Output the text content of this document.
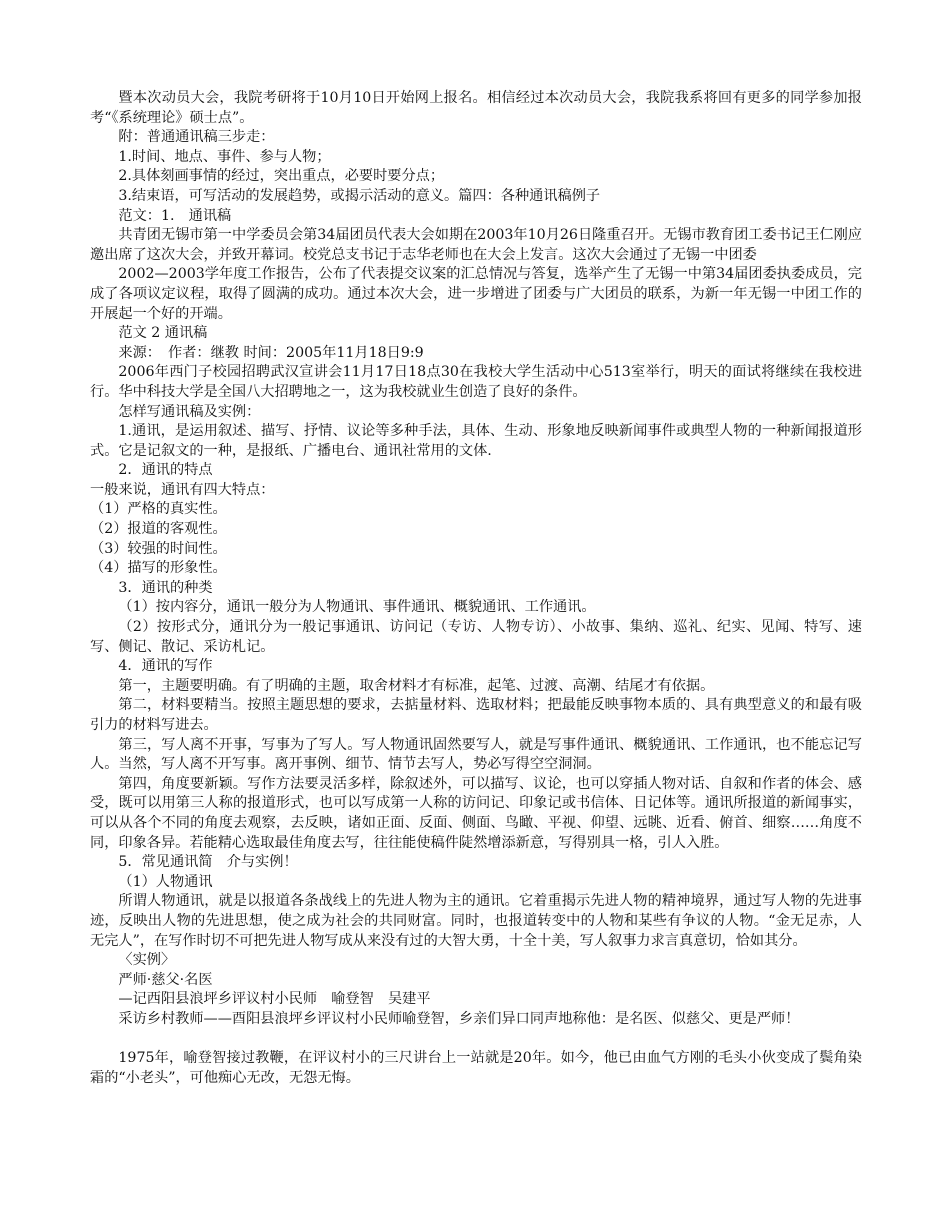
暨本次动员大会，我院考研将于10月10日开始网上报名。相信经过本次动员大会，我院我系将回有更多的同学参加报考“《系统理论》硕士点”。

附：普通通讯稿三步走：

1.时间、地点、事件、参与人物；

2.具体刻画事情的经过，突出重点，必要时要分点；

3.结束语，可写活动的发展趋势，或揭示活动的意义。篇四：各种通讯稿例子

范文：1.　通讯稿

共青团无锡市第一中学委员会第34届团员代表大会如期在2003年10月26日隆重召开。无锡市教育团工委书记王仁刚应邀出席了这次大会，并致开幕词。校党总支书记于志华老师也在大会上发言。这次大会通过了无锡一中团委

2002—2003学年度工作报告，公布了代表提交议案的汇总情况与答复，选举产生了无锡一中第34届团委执委成员，完成了各项议定议程，取得了圆满的成功。通过本次大会，进一步增进了团委与广大团员的联系，为新一年无锡一中团工作的开展起一个好的开端。

范文 2 通讯稿

来源：　作者：继教 时间：2005年11月18日9:9

2006年西门子校园招聘武汉宣讲会11月17日18点30在我校大学生活动中心513室举行，明天的面试将继续在我校进行。华中科技大学是全国八大招聘地之一，这为我校就业生创造了良好的条件。

怎样写通讯稿及实例：

1.通讯，是运用叙述、描写、抒情、议论等多种手法，具体、生动、形象地反映新闻事件或典型人物的一种新闻报道形式。它是记叙文的一种，是报纸、广播电台、通讯社常用的文体.

2．通讯的特点

一般来说，通讯有四大特点：

（1）严格的真实性。

（2）报道的客观性。

（3）较强的时间性。

（4）描写的形象性。

3．通讯的种类

（1）按内容分，通讯一般分为人物通讯、事件通讯、概貌通讯、工作通讯。

（2）按形式分，通讯分为一般记事通讯、访问记（专访、人物专访）、小故事、集纳、巡礼、纪实、见闻、特写、速写、侧记、散记、采访札记。

4．通讯的写作

第一，主题要明确。有了明确的主题，取舍材料才有标准，起笔、过渡、高潮、结尾才有依据。

第二，材料要精当。按照主题思想的要求，去掂量材料、选取材料；把最能反映事物本质的、具有典型意义的和最有吸引力的材料写进去。

第三，写人离不开事，写事为了写人。写人物通讯固然要写人，就是写事件通讯、概貌通讯、工作通讯，也不能忘记写人。当然，写人离不开写事。离开事例、细节、情节去写人，势必写得空空洞洞。

第四，角度要新颖。写作方法要灵活多样，除叙述外，可以描写、议论，也可以穿插人物对话、自叙和作者的体会、感受，既可以用第三人称的报道形式，也可以写成第一人称的访问记、印象记或书信体、日记体等。通讯所报道的新闻事实，可以从各个不同的角度去观察，去反映，诸如正面、反面、侧面、鸟瞰、平视、仰望、远眺、近看、俯首、细察……角度不同，印象各异。若能精心选取最佳角度去写，往往能使稿件陡然增添新意，写得别具一格，引人入胜。

5．常见通讯简　介与实例！

（1）人物通讯

所谓人物通讯，就是以报道各条战线上的先进人物为主的通讯。它着重揭示先进人物的精神境界，通过写人物的先进事迹，反映出人物的先进思想，使之成为社会的共同财富。同时，也报道转变中的人物和某些有争议的人物。“金无足赤，人无完人”，在写作时切不可把先进人物写成从来没有过的大智大勇，十全十美，写人叙事力求言真意切，恰如其分。

〈实例〉

严师·慈父·名医

—记西阳县浪坪乡评议村小民师　喻登智　吴建平

采访乡村教师——酉阳县浪坪乡评议村小民师喻登智，乡亲们异口同声地称他：是名医、似慈父、更是严师！

1975年，喻登智接过教鞭，在评议村小的三尺讲台上一站就是20年。如今，他已由血气方刚的毛头小伙变成了鬓角染霜的“小老头”，可他痴心无改，无怨无悔。
